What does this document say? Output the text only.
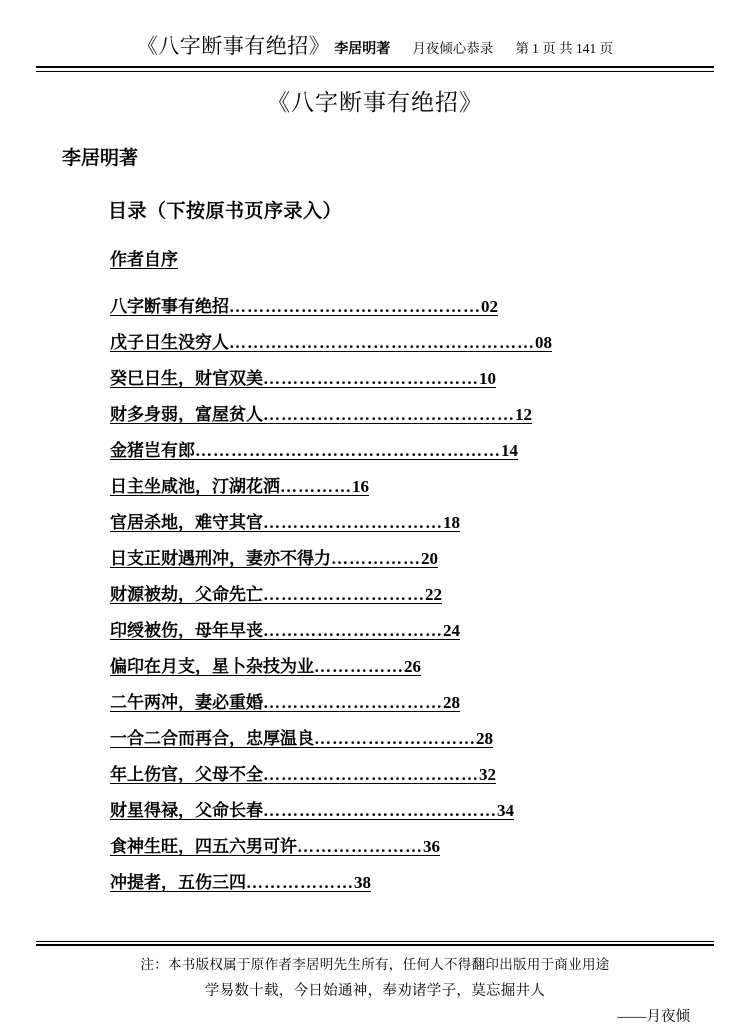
《八字断事有绝招》 李居明著 月夜倾心恭录 第 1 页 共 141 页
《八字断事有绝招》
李居明著
目录（下按原书页序录入）
作者自序
八字断事有绝招……………………………………02
戊子日生没穷人……………………………………………08
癸巳日生，财官双美………………………………10
财多身弱，富屋贫人……………………………………12
金猪岂有郎……………………………………………14
日主坐咸池，汀湖花洒…………16
官居杀地，难守其官…………………………18
日支正财遇刑冲，妻亦不得力……………20
财源被劫，父命先亡………………………22
印绶被伤，母年早丧…………………………24
偏印在月支，星卜杂技为业……………26
二午两冲，妻必重婚…………………………28
一合二合而再合，忠厚温良………………………28
年上伤官，父母不全………………………………32
财星得禄，父命长春…………………………………34
食神生旺，四五六男可许…………………36
冲提者，五伤三四………………38
注：本书版权属于原作者李居明先生所有，任何人不得翻印出版用于商业用途
学易数十载，今日始通神，奉劝诸学子，莫忘掘井人
——月夜倾
